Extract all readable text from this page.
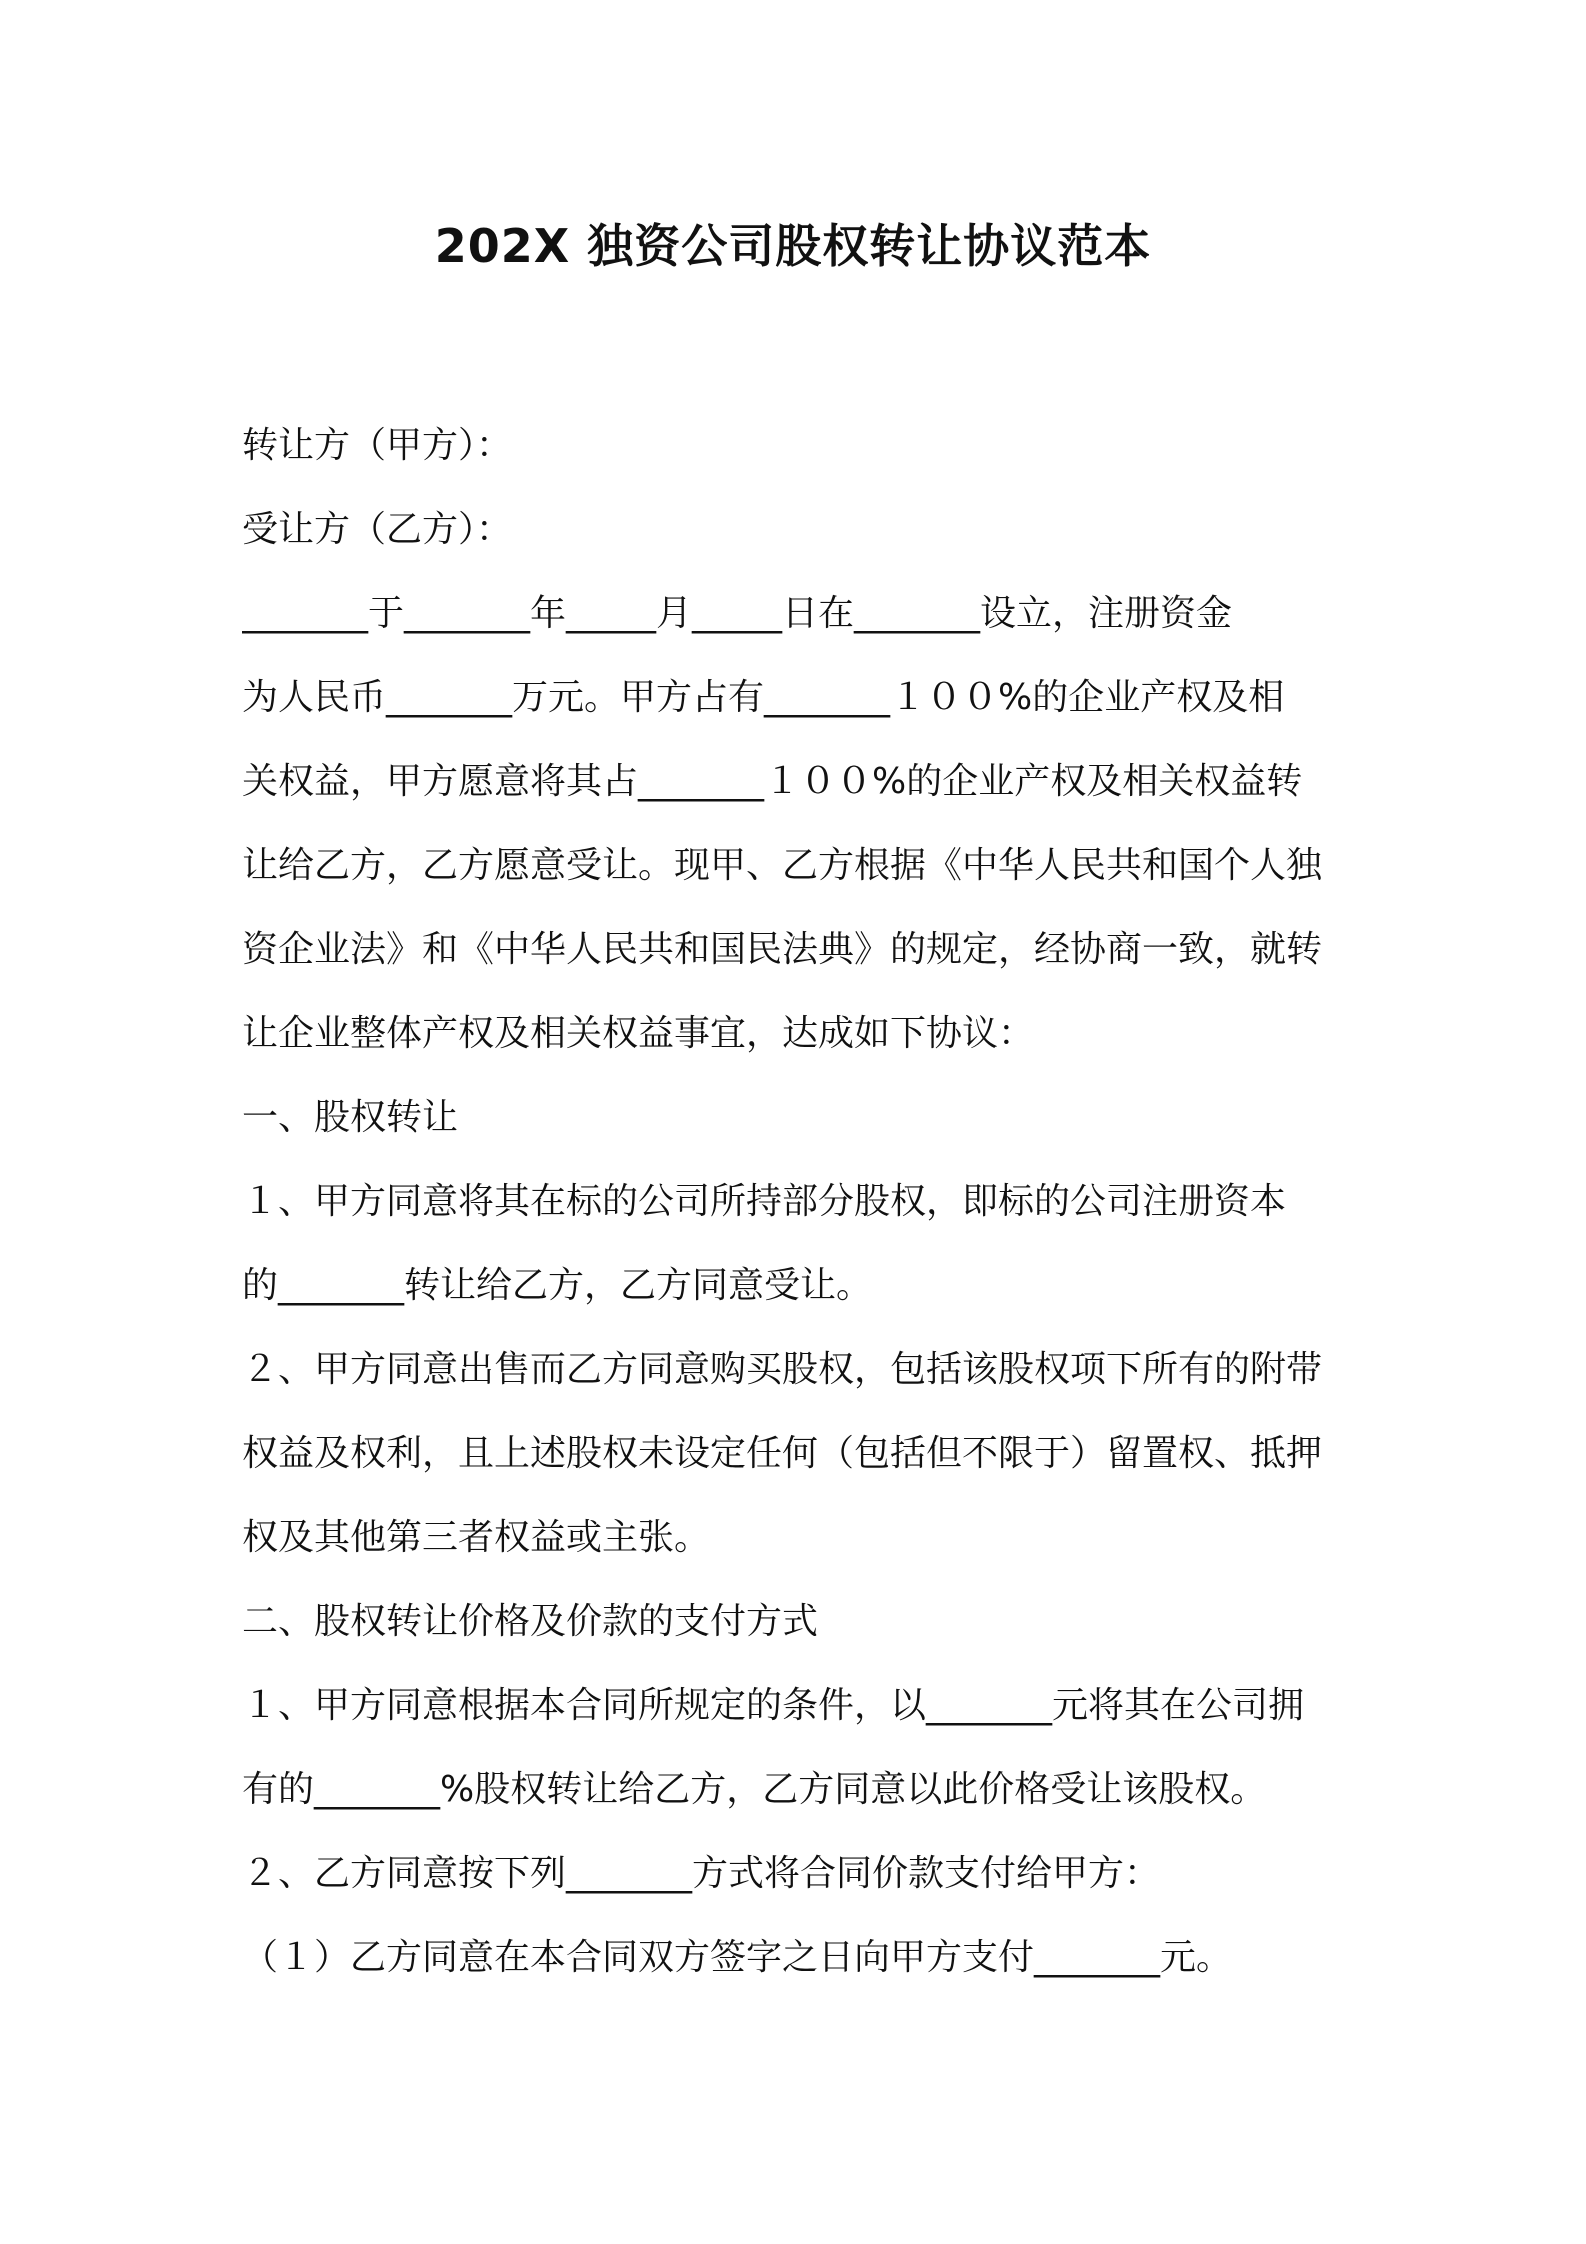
202X 独资公司股权转让协议范本
转让方（甲方）：
受让方（乙方）：
_______于_______年_____月_____日在_______设立，注册资金
为人民币_______万元。甲方占有_______１００%的企业产权及相
关权益，甲方愿意将其占_______１００%的企业产权及相关权益转
让给乙方，乙方愿意受让。现甲、乙方根据《中华人民共和国个人独
资企业法》和《中华人民共和国民法典》的规定，经协商一致，就转
让企业整体产权及相关权益事宜，达成如下协议：
一、股权转让
１、甲方同意将其在标的公司所持部分股权，即标的公司注册资本
的_______转让给乙方，乙方同意受让。
２、甲方同意出售而乙方同意购买股权，包括该股权项下所有的附带
权益及权利，且上述股权未设定任何（包括但不限于）留置权、抵押
权及其他第三者权益或主张。
二、股权转让价格及价款的支付方式
１、甲方同意根据本合同所规定的条件，以_______元将其在公司拥
有的_______%股权转让给乙方，乙方同意以此价格受让该股权。
２、乙方同意按下列_______方式将合同价款支付给甲方：
（１）乙方同意在本合同双方签字之日向甲方支付_______元。
